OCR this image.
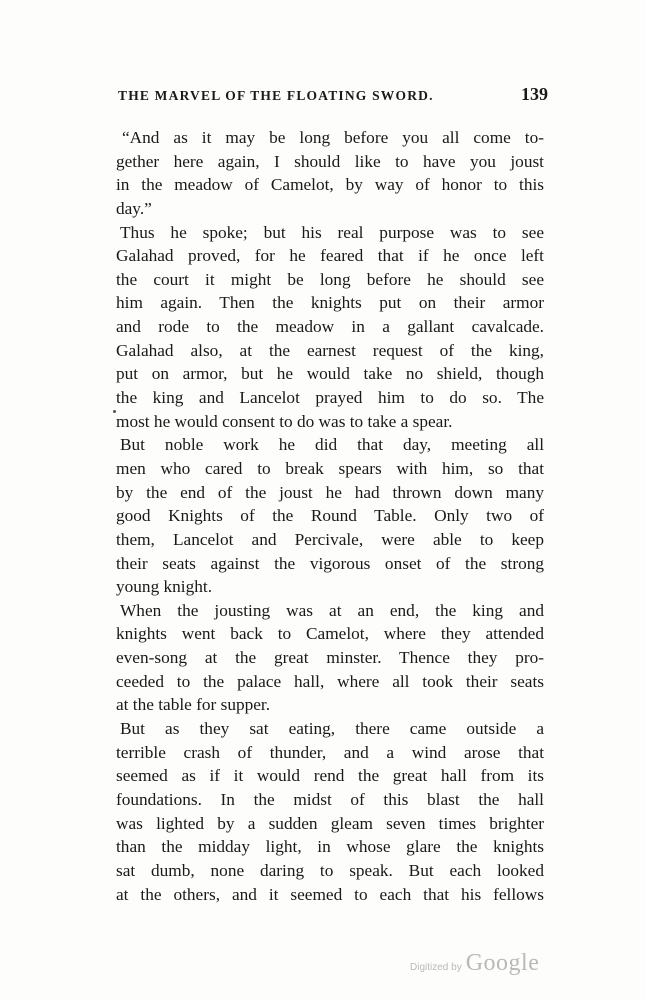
THE MARVEL OF THE FLOATING SWORD.	139
“And as it may be long before you all come to-
gether here again, I should like to have you joust
in the meadow of Camelot, by way of honor to this
day.”
Thus he spoke; but his real purpose was to see
Galahad proved, for he feared that if he once left
the court it might be long before he should see
him again. Then the knights put on their armor
and rode to the meadow in a gallant cavalcade.
Galahad also, at the earnest request of the king,
put on armor, but he would take no shield, though
the king and Lancelot prayed him to do so. The
most he would consent to do was to take a spear.
But noble work he did that day, meeting all
men who cared to break spears with him, so that
by the end of the joust he had thrown down many
good Knights of the Round Table. Only two of
them, Lancelot and Percivale, were able to keep
their seats against the vigorous onset of the strong
young knight.
When the jousting was at an end, the king and
knights went back to Camelot, where they attended
even-song at the great minster. Thence they pro-
ceeded to the palace hall, where all took their seats
at the table for supper.
But as they sat eating, there came outside a
terrible crash of thunder, and a wind arose that
seemed as if it would rend the great hall from its
foundations. In the midst of this blast the hall
was lighted by a sudden gleam seven times brighter
than the midday light, in whose glare the knights
sat dumb, none daring to speak. But each looked
at the others, and it seemed to each that his fellows
Digitized by Google
